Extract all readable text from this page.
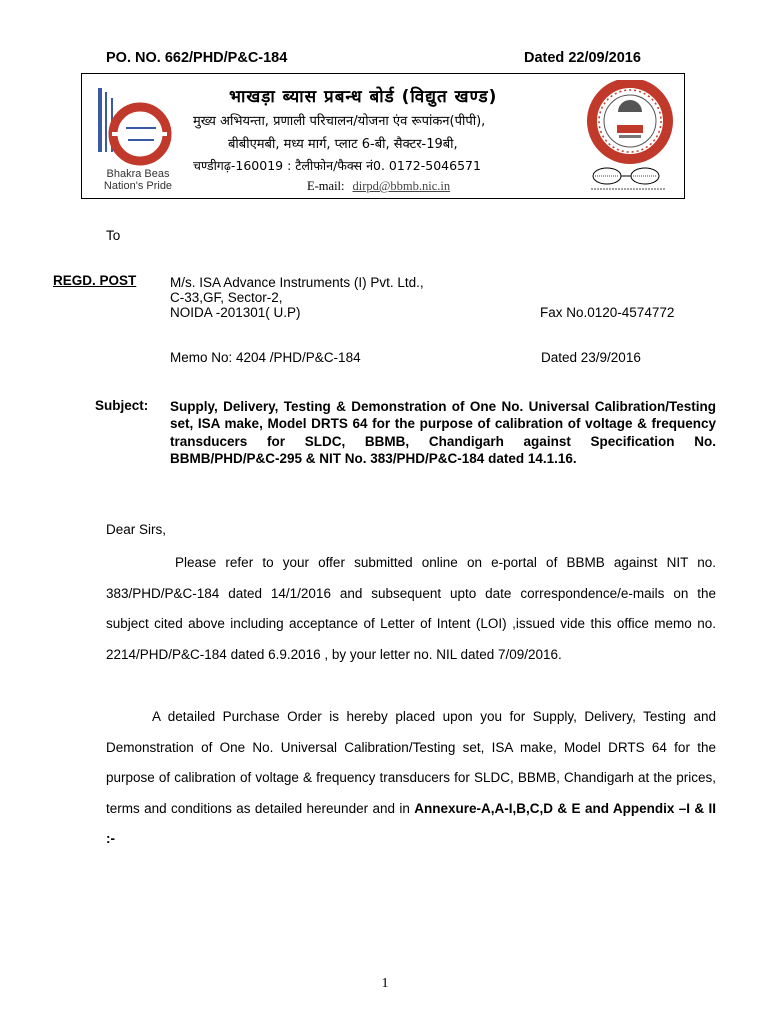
PO. NO. 662/PHD/P&C-184	Dated 22/09/2016
Bhakra Beas
Nation's Pride
भाखड़ा ब्यास प्रबन्ध बोर्ड (विद्युत खण्ड)
मुख्य अभियन्ता, प्रणाली परिचालन/योजना एंव रूपांकन(पीपी),
बीबीएमबी, मध्य मार्ग, प्लाट 6-बी, सैक्टर-19बी,
चण्डीगढ़-160019 : टैलीफोन/फैक्स नं0. 0172-5046571
E-mail: dirpd@bbmb.nic.in
To
REGD. POST M/s. ISA Advance Instruments (I) Pvt. Ltd.,
C-33,GF, Sector-2,
NOIDA -201301( U.P)	Fax No.0120-4574772
Memo No: 4204 /PHD/P&C-184	Dated 23/9/2016
Subject: Supply, Delivery, Testing & Demonstration of One No. Universal Calibration/Testing set, ISA make, Model DRTS 64 for the purpose of calibration of voltage & frequency transducers for SLDC, BBMB, Chandigarh against Specification No. BBMB/PHD/P&C-295 & NIT No. 383/PHD/P&C-184 dated 14.1.16.
Dear Sirs,
Please refer to your offer submitted online on e-portal of BBMB against NIT no. 383/PHD/P&C-184 dated 14/1/2016 and subsequent upto date correspondence/e-mails on the subject cited above including acceptance of Letter of Intent (LOI) ,issued vide this office memo no. 2214/PHD/P&C-184 dated 6.9.2016 , by your letter no. NIL dated 7/09/2016.
A detailed Purchase Order is hereby placed upon you for Supply, Delivery, Testing and Demonstration of One No. Universal Calibration/Testing set, ISA make, Model DRTS 64 for the purpose of calibration of voltage & frequency transducers for SLDC, BBMB, Chandigarh at the prices, terms and conditions as detailed hereunder and in Annexure-A,A-I,B,C,D & E and Appendix –I & II :-
1
